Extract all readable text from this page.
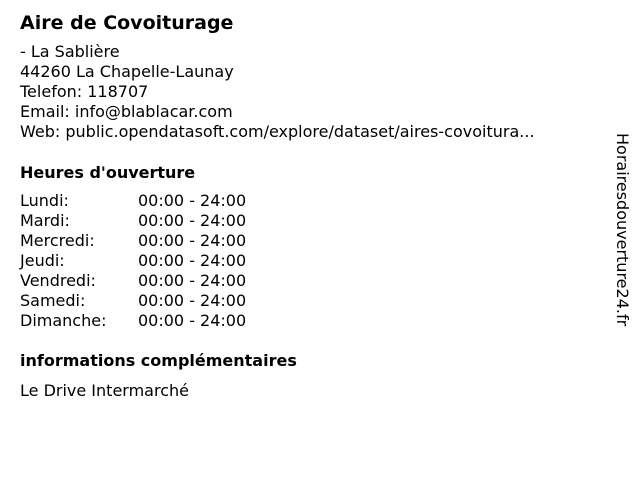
Aire de Covoiturage
- La Sablière
44260 La Chapelle-Launay
Telefon: 118707
Email: info@blablacar.com
Web: public.opendatasoft.com/explore/dataset/aires-covoitura...
Heures d'ouverture
Lundi:	00:00 - 24:00
Mardi:	00:00 - 24:00
Mercredi:	00:00 - 24:00
Jeudi:	00:00 - 24:00
Vendredi:	00:00 - 24:00
Samedi:	00:00 - 24:00
Dimanche:	00:00 - 24:00
informations complémentaires
Le Drive Intermarché
Horairesdouverture24.fr
